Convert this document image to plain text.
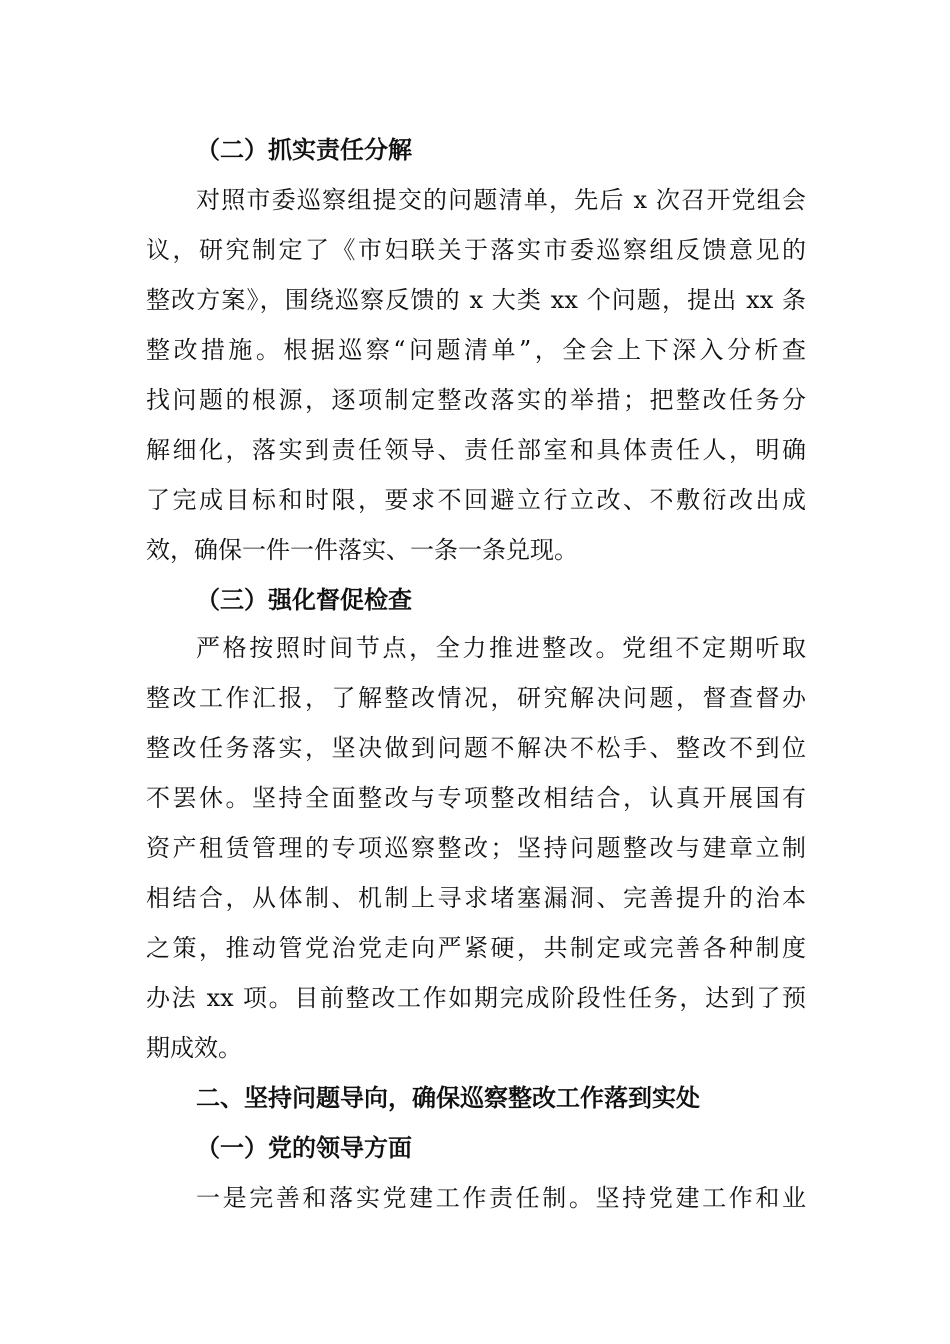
（二）抓实责任分解
对照市委巡察组提交的问题清单，先后 x 次召开党组会
议，研究制定了《市妇联关于落实市委巡察组反馈意见的
整改方案》，围绕巡察反馈的 x 大类 xx 个问题，提出 xx 条
整改措施。根据巡察“问题清单”，全会上下深入分析查
找问题的根源，逐项制定整改落实的举措；把整改任务分
解细化，落实到责任领导、责任部室和具体责任人，明确
了完成目标和时限，要求不回避立行立改、不敷衍改出成
效，确保一件一件落实、一条一条兑现。
（三）强化督促检查
严格按照时间节点，全力推进整改。党组不定期听取
整改工作汇报，了解整改情况，研究解决问题，督查督办
整改任务落实，坚决做到问题不解决不松手、整改不到位
不罢休。坚持全面整改与专项整改相结合，认真开展国有
资产租赁管理的专项巡察整改；坚持问题整改与建章立制
相结合，从体制、机制上寻求堵塞漏洞、完善提升的治本
之策，推动管党治党走向严紧硬，共制定或完善各种制度
办法 xx 项。目前整改工作如期完成阶段性任务，达到了预
期成效。
二、坚持问题导向，确保巡察整改工作落到实处
（一）党的领导方面
一是完善和落实党建工作责任制。坚持党建工作和业
